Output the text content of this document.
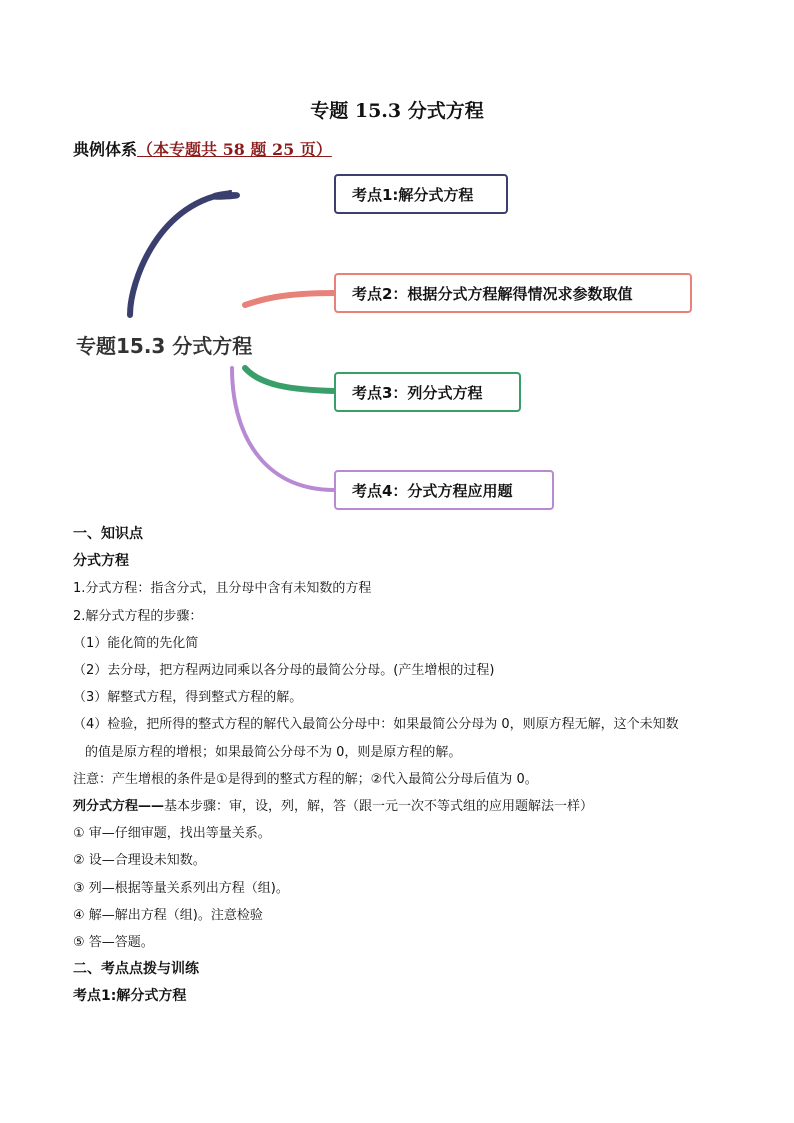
专题 15.3 分式方程
典例体系（本专题共 58 题 25 页）
考点1:解分式方程
考点2：根据分式方程解得情况求参数取值
考点3：列分式方程
考点4：分式方程应用题
专题15.3 分式方程
一、知识点
分式方程
1.分式方程：指含分式，且分母中含有未知数的方程
2.解分式方程的步骤：
（1）能化简的先化简
（2）去分母，把方程两边同乘以各分母的最简公分母。(产生增根的过程)
（3）解整式方程，得到整式方程的解。
（4）检验，把所得的整式方程的解代入最简公分母中：如果最简公分母为 0，则原方程无解，这个未知数
的值是原方程的增根；如果最简公分母不为 0，则是原方程的解。
注意：产生增根的条件是①是得到的整式方程的解；②代入最简公分母后值为 0。
列分式方程——基本步骤：审，设，列，解，答（跟一元一次不等式组的应用题解法一样）
① 审—仔细审题，找出等量关系。
② 设—合理设未知数。
③ 列—根据等量关系列出方程（组)。
④ 解—解出方程（组)。注意检验
⑤ 答—答题。
二、考点点拨与训练
考点1:解分式方程
